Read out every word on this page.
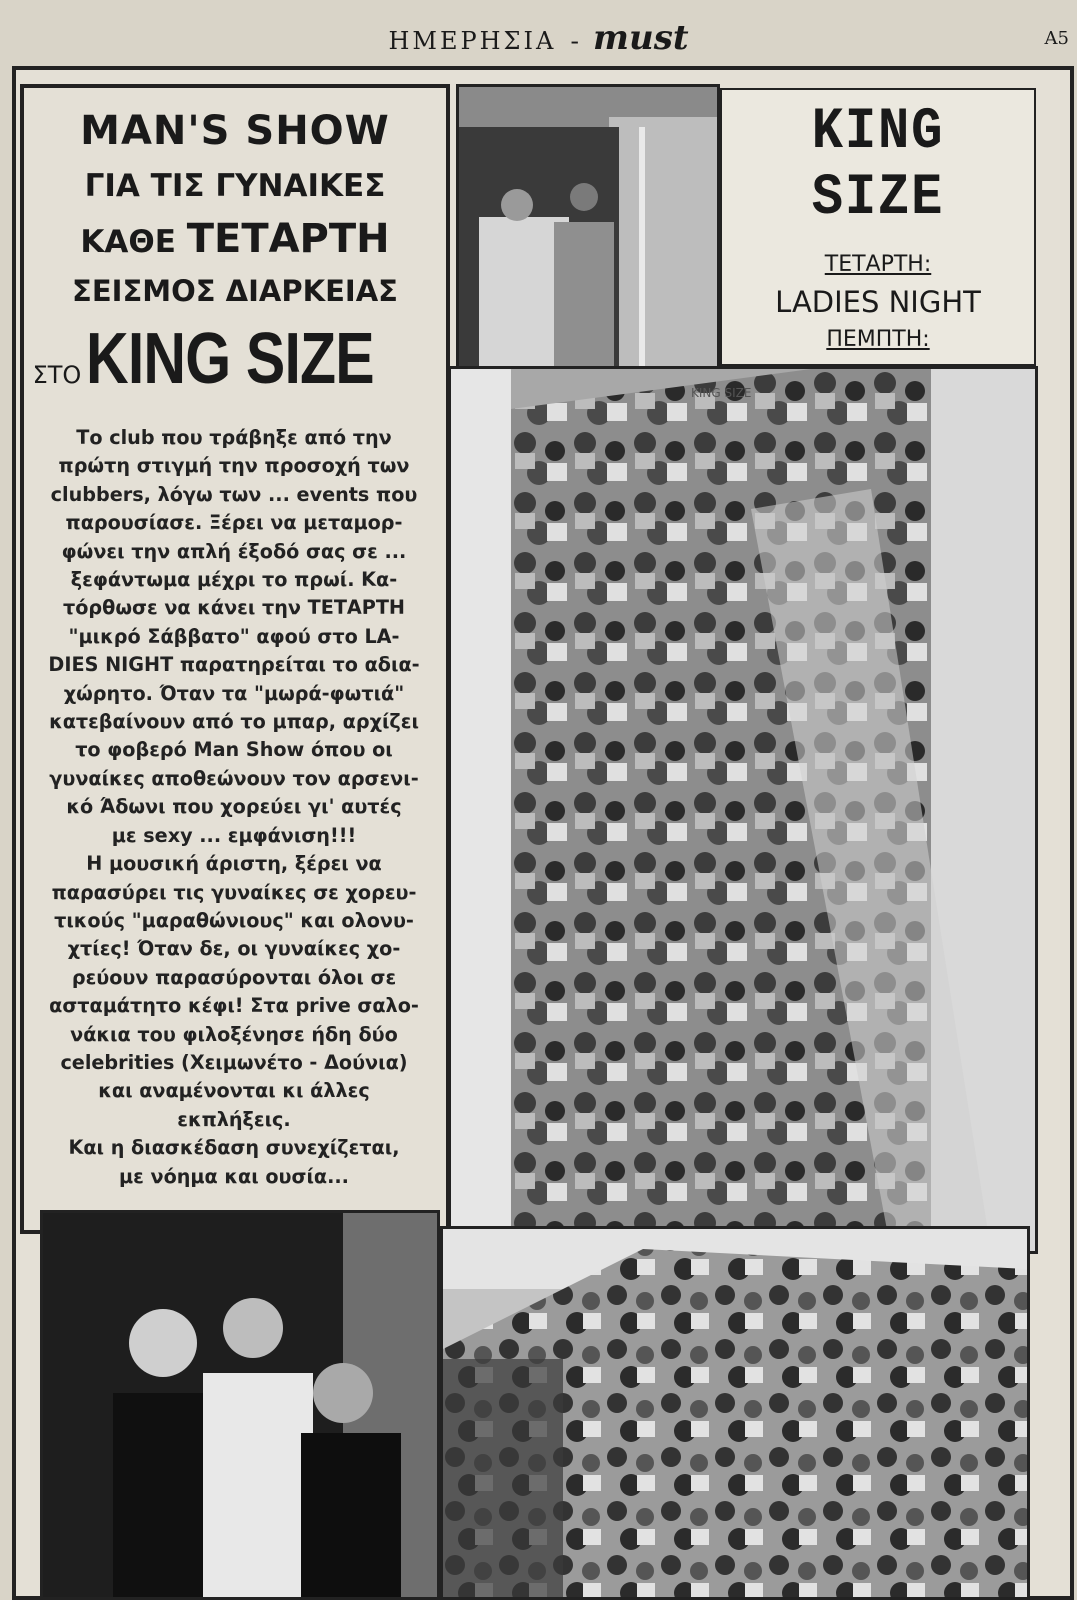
ΗΜΕΡΗΣΙΑ - must	A5
MAN'S SHOW
ΓΙΑ ΤΙΣ ΓΥΝΑΙΚΕΣ
ΚΑΘΕ ΤΕΤΑΡΤΗ
ΣΕΙΣΜΟΣ ΔΙΑΡΚΕΙΑΣ
ΣΤΟ KING SIZE

Το club που τράβηξε από την

πρώτη στιγμή την προσοχή των

clubbers, λόγω των ... events που

παρουσίασε. Ξέρει να μεταμορ-

φώνει την απλή έξοδό σας σε ...

ξεφάντωμα μέχρι το πρωί. Κα-

τόρθωσε να κάνει την ΤΕΤΑΡΤΗ

"μικρό Σάββατο" αφού στο LA-

DIES NIGHT παρατηρείται το αδια-

χώρητο. Όταν τα "μωρά-φωτιά"

κατεβαίνουν από το μπαρ, αρχίζει

το φοβερό Man Show όπου οι

γυναίκες αποθεώνουν τον αρσενι-

κό Άδωνι που χορεύει γι' αυτές

με sexy ... εμφάνιση!!!

Η μουσική άριστη, ξέρει να

παρασύρει τις γυναίκες σε χορευ-

τικούς "μαραθώνιους" και ολονυ-

χτίες! Όταν δε, οι γυναίκες χο-

ρεύουν παρασύρονται όλοι σε

ασταμάτητο κέφι! Στα prive σαλο-

νάκια του φιλοξένησε ήδη δύο

celebrities (Χειμωνέτο - Δούνια)

και αναμένονται κι άλλες

εκπλήξεις.

Και η διασκέδαση συνεχίζεται,

με νόημα και ουσία...

KING SIZE
ΤΕΤΑΡΤΗ:
LADIES NIGHT
ΠΕΜΠΤΗ:
KING SIZE
